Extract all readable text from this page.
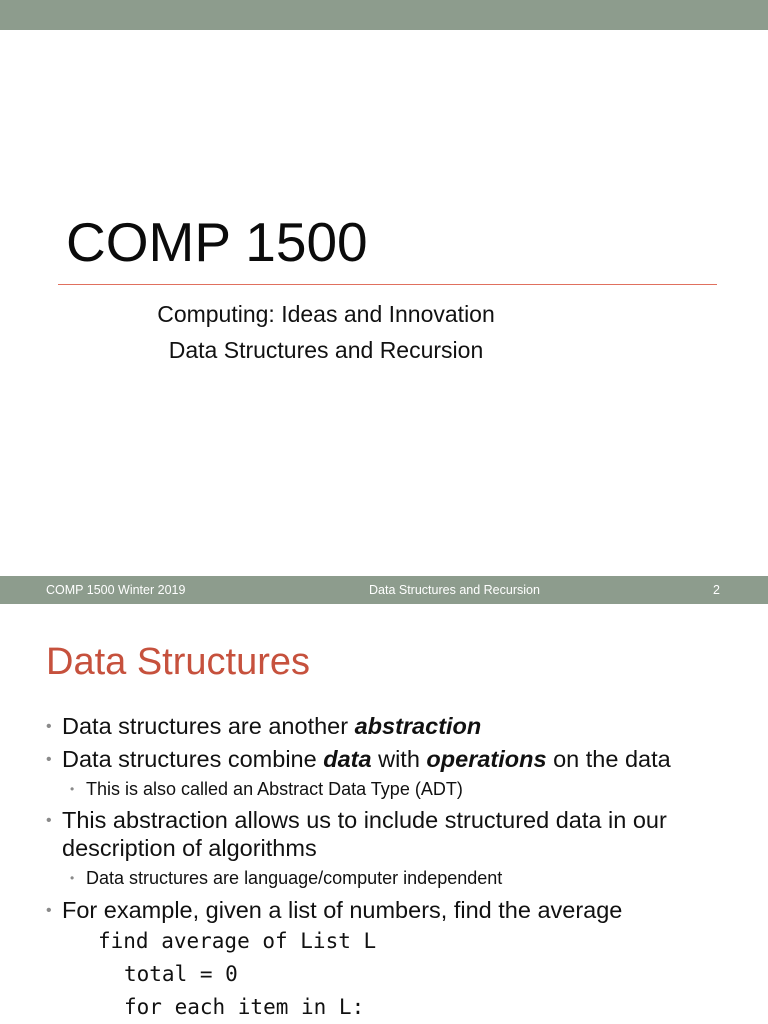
COMP 1500
Computing: Ideas and Innovation
Data Structures and Recursion
COMP 1500 Winter 2019	Data Structures and Recursion	2
Data Structures
• Data structures are another abstraction
• Data structures combine data with operations on the data
• This is also called an Abstract Data Type (ADT)
• This abstraction allows us to include structured data in our
description of algorithms
• Data structures are language/computer independent
• For example, given a list of numbers, find the average
find average of List L
total = 0
for each item in L:
